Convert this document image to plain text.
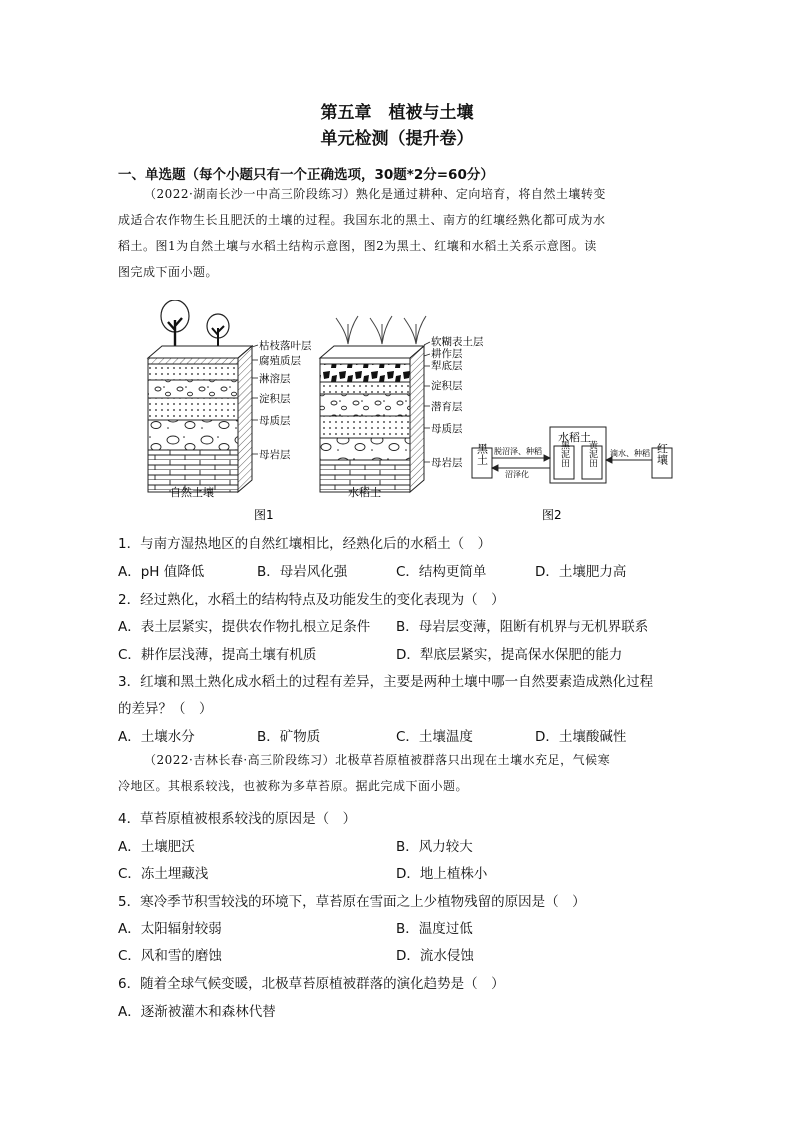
第五章　植被与土壤
单元检测（提升卷）
一、单选题（每个小题只有一个正确选项，30题*2分=60分）
（2022·湖南长沙一中高三阶段练习）熟化是通过耕种、定向培育，将自然土壤转变
成适合农作物生长且肥沃的土壤的过程。我国东北的黑土、南方的红壤经熟化都可成为水
稻土。图1为自然土壤与水稻土结构示意图，图2为黑土、红壤和水稻土关系示意图。读
图完成下面小题。
枯枝落叶层
腐殖质层
淋溶层
淀积层
母质层
母岩层
自然土壤
软糊表土层
耕作层
犁底层
淀积层
潜育层
母质层
母岩层
水稻土
图1
水稻土
黑泥田 黄泥田
黑土	红壤
脱沼泽、种稻
沼泽化
滴水、种稻
图2
1．与南方湿热地区的自然红壤相比，经熟化后的水稻土（　）
A．pH 值降低	B．母岩风化强	C．结构更简单	D．土壤肥力高
2．经过熟化，水稻土的结构特点及功能发生的变化表现为（　）
A．表土层紧实，提供农作物扎根立足条件 B．母岩层变薄，阻断有机界与无机界联系
C．耕作层浅薄，提高土壤有机质	D．犁底层紧实，提高保水保肥的能力
3．红壤和黑土熟化成水稻土的过程有差异，主要是两种土壤中哪一自然要素造成熟化过程
的差异？（　）
A．土壤水分	B．矿物质	C．土壤温度	D．土壤酸碱性
（2022·吉林长春·高三阶段练习）北极草苔原植被群落只出现在土壤水充足，气候寒
冷地区。其根系较浅，也被称为多草苔原。据此完成下面小题。
4．草苔原植被根系较浅的原因是（　）
A．土壤肥沃	B．风力较大
C．冻土埋藏浅	D．地上植株小
5．寒冷季节积雪较浅的环境下，草苔原在雪面之上少植物残留的原因是（　）
A．太阳辐射较弱	B．温度过低
C．风和雪的磨蚀	D．流水侵蚀
6．随着全球气候变暖，北极草苔原植被群落的演化趋势是（　）
A．逐渐被灌木和森林代替
